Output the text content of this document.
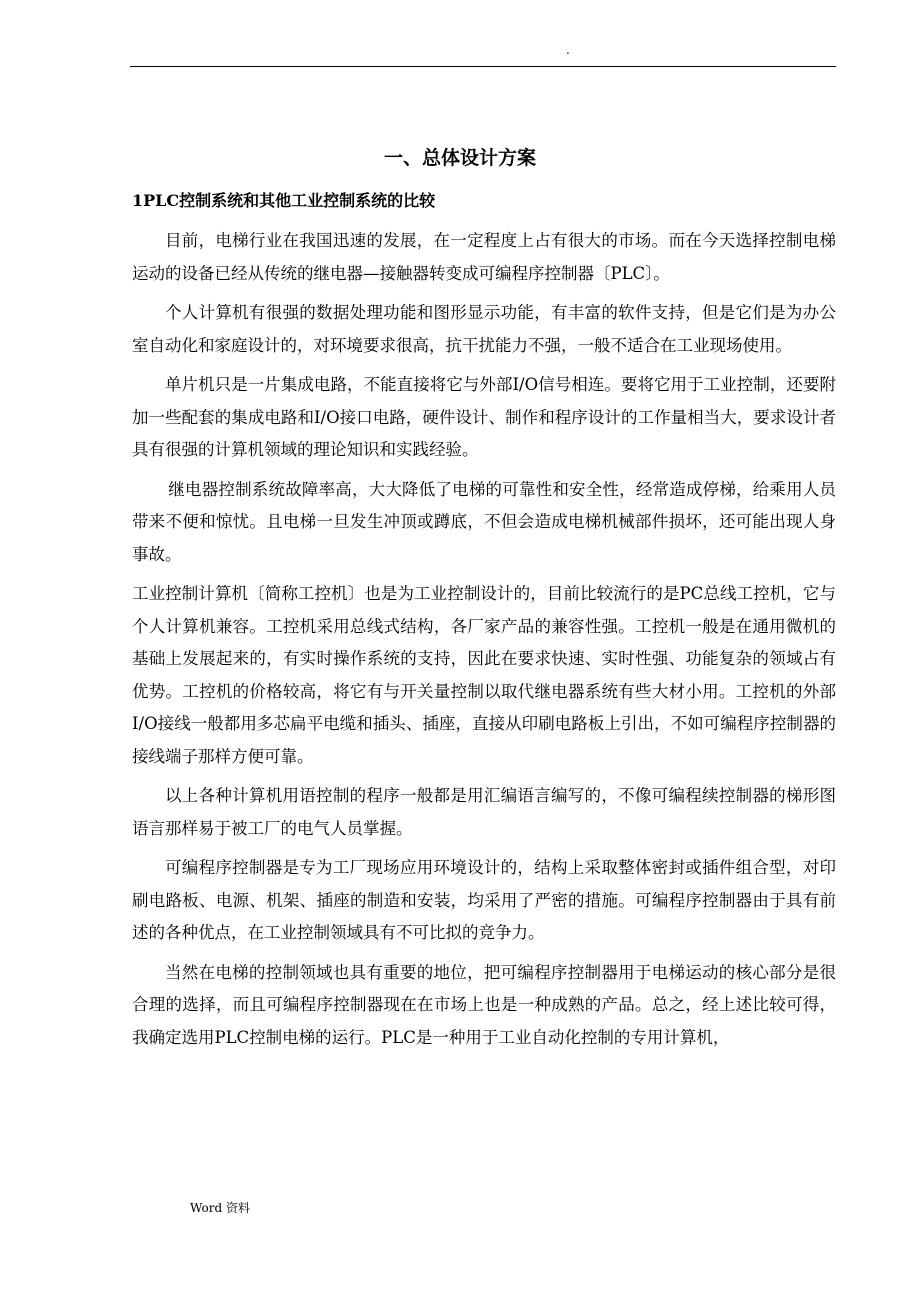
.
一、总体设计方案
1PLC控制系统和其他工业控制系统的比较

目前，电梯行业在我国迅速的发展，在一定程度上占有很大的市场。而在今天选择控制电梯运动的设备已经从传统的继电器—接触器转变成可编程序控制器〔PLC〕。

个人计算机有很强的数据处理功能和图形显示功能，有丰富的软件支持，但是它们是为办公室自动化和家庭设计的，对环境要求很高，抗干扰能力不强，一般不适合在工业现场使用。

单片机只是一片集成电路，不能直接将它与外部I/O信号相连。要将它用于工业控制，还要附加一些配套的集成电路和I/O接口电路，硬件设计、制作和程序设计的工作量相当大，要求设计者具有很强的计算机领域的理论知识和实践经验。

继电器控制系统故障率高，大大降低了电梯的可靠性和安全性，经常造成停梯，给乘用人员带来不便和惊忧。且电梯一旦发生冲顶或蹲底，不但会造成电梯机械部件损坏，还可能出现人身事故。

工业控制计算机〔简称工控机〕也是为工业控制设计的，目前比较流行的是PC总线工控机，它与个人计算机兼容。工控机采用总线式结构，各厂家产品的兼容性强。工控机一般是在通用微机的基础上发展起来的，有实时操作系统的支持，因此在要求快速、实时性强、功能复杂的领域占有优势。工控机的价格较高，将它有与开关量控制以取代继电器系统有些大材小用。工控机的外部I/O接线一般都用多芯扁平电缆和插头、插座，直接从印刷电路板上引出，不如可编程序控制器的接线端子那样方便可靠。

以上各种计算机用语控制的程序一般都是用汇编语言编写的，不像可编程续控制器的梯形图语言那样易于被工厂的电气人员掌握。

可编程序控制器是专为工厂现场应用环境设计的，结构上采取整体密封或插件组合型，对印刷电路板、电源、机架、插座的制造和安装，均采用了严密的措施。可编程序控制器由于具有前述的各种优点，在工业控制领域具有不可比拟的竞争力。

当然在电梯的控制领域也具有重要的地位，把可编程序控制器用于电梯运动的核心部分是很合理的选择，而且可编程序控制器现在在市场上也是一种成熟的产品。总之，经上述比较可得，我确定选用PLC控制电梯的运行。PLC是一种用于工业自动化控制的专用计算机，

Word 资料
